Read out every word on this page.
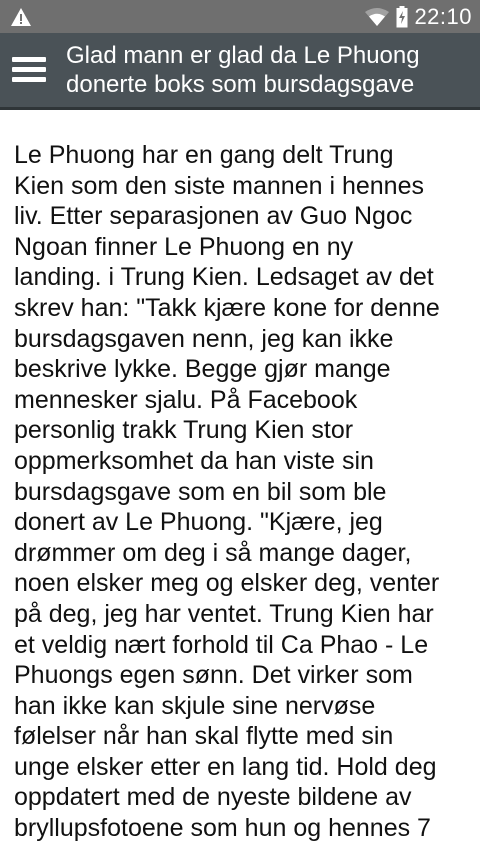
22:10
Glad mann er glad da Le Phuong
donerte boks som bursdagsgave

Le Phuong har en gang delt Trung
Kien som den siste mannen i hennes
liv. Etter separasjonen av Guo Ngoc
Ngoan finner Le Phuong en ny
landing. i Trung Kien. Ledsaget av det
skrev han: "Takk kjære kone for denne
bursdagsgaven nenn, jeg kan ikke
beskrive lykke. Begge gjør mange
mennesker sjalu. På Facebook
personlig trakk Trung Kien stor
oppmerksomhet da han viste sin
bursdagsgave som en bil som ble
donert av Le Phuong. "Kjære, jeg
drømmer om deg i så mange dager,
noen elsker meg og elsker deg, venter
på deg, jeg har ventet. Trung Kien har
et veldig nært forhold til Ca Phao - Le
Phuongs egen sønn. Det virker som
han ikke kan skjule sine nervøse
følelser når han skal flytte med sin
unge elsker etter en lang tid. Hold deg
oppdatert med de nyeste bildene av
bryllupsfotoene som hun og hennes 7
